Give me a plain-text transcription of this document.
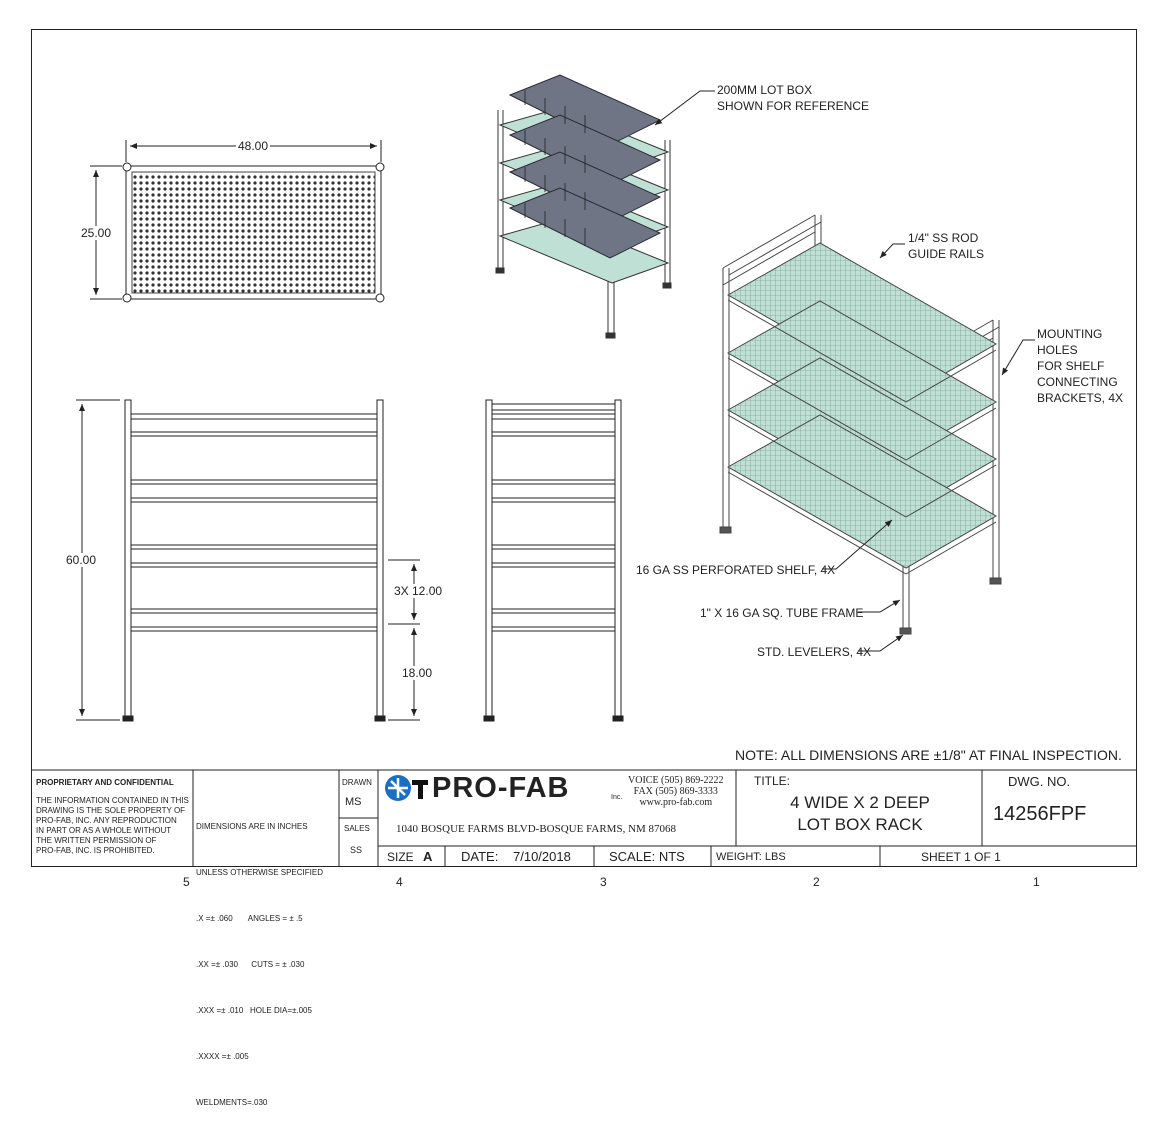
48.00
25.00
60.00
3X 12.00
18.00
200MM LOT BOX
SHOWN FOR REFERENCE
1/4" SS ROD
GUIDE RAILS
MOUNTING
HOLES
FOR SHELF
CONNECTING
BRACKETS, 4X
16 GA SS PERFORATED SHELF, 4X
1" X 16 GA SQ. TUBE FRAME
STD. LEVELERS, 4X
NOTE: ALL DIMENSIONS ARE ±1/8" AT FINAL INSPECTION.
PROPRIETARY AND CONFIDENTIAL
THE INFORMATION CONTAINED IN THIS
DRAWING IS THE SOLE PROPERTY OF
PRO-FAB, INC. ANY REPRODUCTION
IN PART OR AS A WHOLE WITHOUT
THE WRITTEN PERMISSION OF
PRO-FAB, INC. IS PROHIBITED.

DIMENSIONS ARE IN INCHES

UNLESS OTHERWISE SPECIFIED

.X =± .060       ANGLES = ± .5

.XX =± .030      CUTS = ± .030

.XXX =± .010   HOLE DIA=±.005

.XXXX =± .005

WELDMENTS=.030

DRAWN
MS
SALES
SS
PRO-FAB	Inc.
VOICE (505) 869-2222
FAX (505) 869-3333
www.pro-fab.com
1040 BOSQUE FARMS BLVD-BOSQUE FARMS, NM 87068
TITLE:
4 WIDE X 2 DEEP
LOT BOX RACK
DWG. NO.
14256FPF
SIZE A DATE: 7/10/2018	SCALE: NTS	WEIGHT: LBS	SHEET 1 OF 1
5	4	3	2	1
